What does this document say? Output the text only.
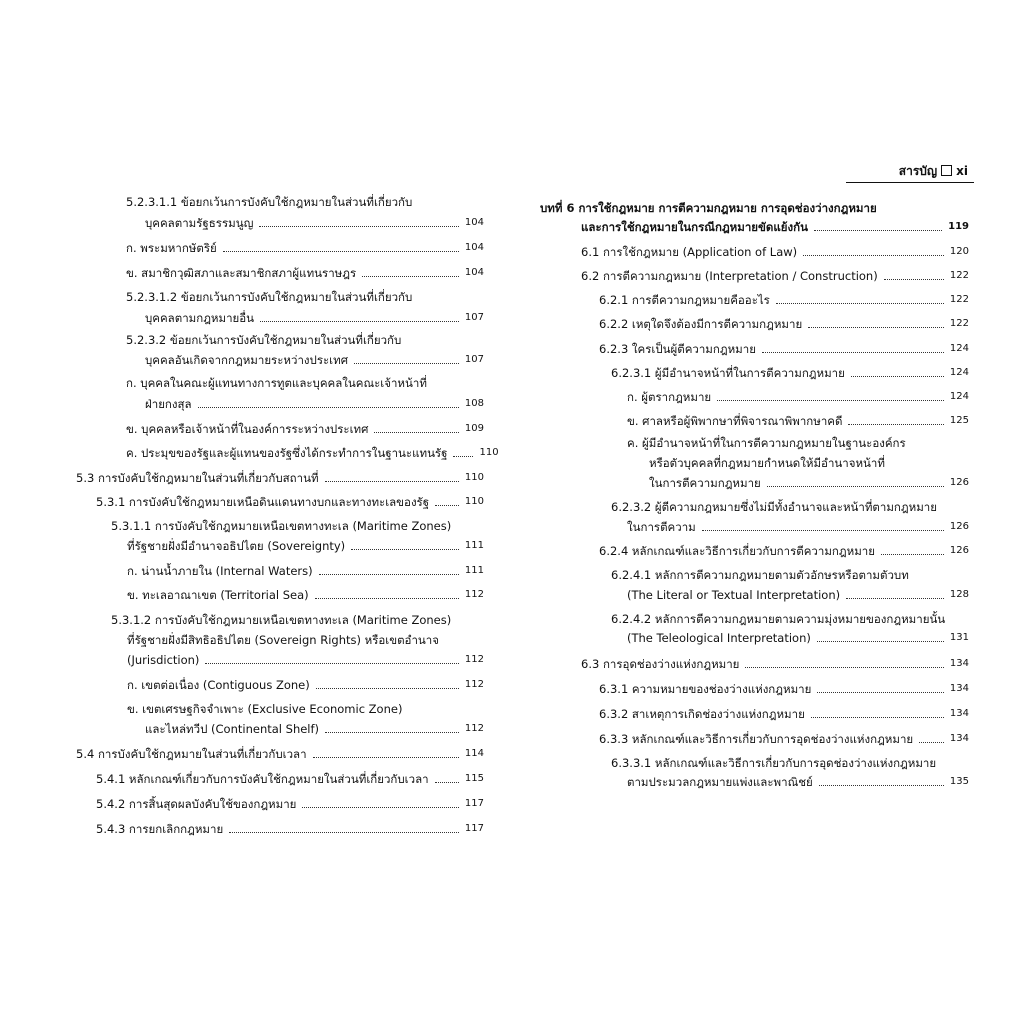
สารบัญ xi
5.2.3.1.1 ข้อยกเว้นการบังคับใช้กฎหมายในส่วนที่เกี่ยวกับ
บุคคลตามรัฐธรรมนูญ	104
ก. พระมหากษัตริย์	104
ข. สมาชิกวุฒิสภาและสมาชิกสภาผู้แทนราษฎร	104
5.2.3.1.2 ข้อยกเว้นการบังคับใช้กฎหมายในส่วนที่เกี่ยวกับ
บุคคลตามกฎหมายอื่น	107
5.2.3.2 ข้อยกเว้นการบังคับใช้กฎหมายในส่วนที่เกี่ยวกับ
บุคคลอันเกิดจากกฎหมายระหว่างประเทศ	107
ก. บุคคลในคณะผู้แทนทางการทูตและบุคคลในคณะเจ้าหน้าที่
ฝ่ายกงสุล	108
ข. บุคคลหรือเจ้าหน้าที่ในองค์การระหว่างประเทศ	109
ค. ประมุขของรัฐและผู้แทนของรัฐซึ่งได้กระทำการในฐานะแทนรัฐ	110
5.3 การบังคับใช้กฎหมายในส่วนที่เกี่ยวกับสถานที่	110
5.3.1 การบังคับใช้กฎหมายเหนือดินแดนทางบกและทางทะเลของรัฐ	110
5.3.1.1 การบังคับใช้กฎหมายเหนือเขตทางทะเล (Maritime Zones)
ที่รัฐชายฝั่งมีอำนาจอธิปไตย (Sovereignty)	111
ก. น่านน้ำภายใน (Internal Waters)	111
ข. ทะเลอาณาเขต (Territorial Sea)	112
5.3.1.2 การบังคับใช้กฎหมายเหนือเขตทางทะเล (Maritime Zones)
ที่รัฐชายฝั่งมีสิทธิอธิปไตย (Sovereign Rights) หรือเขตอำนาจ
(Jurisdiction)	112
ก. เขตต่อเนื่อง (Contiguous Zone)	112
ข. เขตเศรษฐกิจจำเพาะ (Exclusive Economic Zone)
และไหล่ทวีป (Continental Shelf)	112
5.4 การบังคับใช้กฎหมายในส่วนที่เกี่ยวกับเวลา	114
5.4.1 หลักเกณฑ์เกี่ยวกับการบังคับใช้กฎหมายในส่วนที่เกี่ยวกับเวลา	115
5.4.2 การสิ้นสุดผลบังคับใช้ของกฎหมาย	117
5.4.3 การยกเลิกกฎหมาย	117
บทที่ 6 การใช้กฎหมาย การตีความกฎหมาย การอุดช่องว่างกฎหมาย
และการใช้กฎหมายในกรณีกฎหมายขัดแย้งกัน	119
6.1 การใช้กฎหมาย (Application of Law)	120
6.2 การตีความกฎหมาย (Interpretation / Construction)	122
6.2.1 การตีความกฎหมายคืออะไร	122
6.2.2 เหตุใดจึงต้องมีการตีความกฎหมาย	122
6.2.3 ใครเป็นผู้ตีความกฎหมาย	124
6.2.3.1 ผู้มีอำนาจหน้าที่ในการตีความกฎหมาย	124
ก. ผู้ตรากฎหมาย	124
ข. ศาลหรือผู้พิพากษาที่พิจารณาพิพากษาคดี	125
ค. ผู้มีอำนาจหน้าที่ในการตีความกฎหมายในฐานะองค์กร
หรือตัวบุคคลที่กฎหมายกำหนดให้มีอำนาจหน้าที่
ในการตีความกฎหมาย	126
6.2.3.2 ผู้ตีความกฎหมายซึ่งไม่มีทั้งอำนาจและหน้าที่ตามกฎหมาย
ในการตีความ	126
6.2.4 หลักเกณฑ์และวิธีการเกี่ยวกับการตีความกฎหมาย	126
6.2.4.1 หลักการตีความกฎหมายตามตัวอักษรหรือตามตัวบท
(The Literal or Textual Interpretation)	128
6.2.4.2 หลักการตีความกฎหมายตามความมุ่งหมายของกฎหมายนั้น
(The Teleological Interpretation)	131
6.3 การอุดช่องว่างแห่งกฎหมาย	134
6.3.1 ความหมายของช่องว่างแห่งกฎหมาย	134
6.3.2 สาเหตุการเกิดช่องว่างแห่งกฎหมาย	134
6.3.3 หลักเกณฑ์และวิธีการเกี่ยวกับการอุดช่องว่างแห่งกฎหมาย	134
6.3.3.1 หลักเกณฑ์และวิธีการเกี่ยวกับการอุดช่องว่างแห่งกฎหมาย
ตามประมวลกฎหมายแพ่งและพาณิชย์	135
